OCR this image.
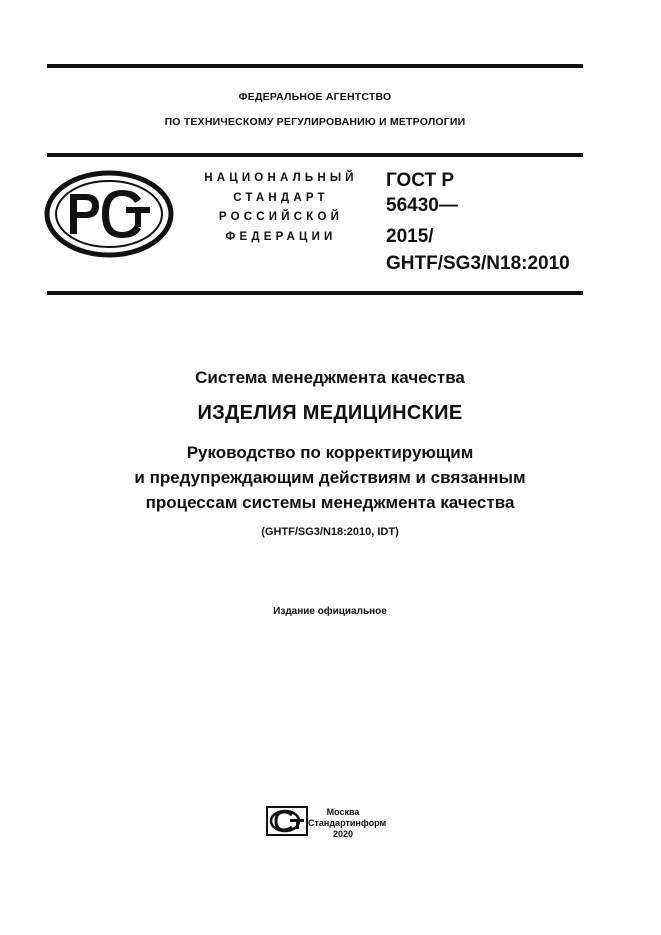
ФЕДЕРАЛЬНОЕ АГЕНТСТВО
ПО ТЕХНИЧЕСКОМУ РЕГУЛИРОВАНИЮ И МЕТРОЛОГИИ
НАЦИОНАЛЬНЫЙ
СТАНДАРТ
РОССИЙСКОЙ
ФЕДЕРАЦИИ
ГОСТ Р
56430—
2015/
GHTF/SG3/N18:2010
Система менеджмента качества
ИЗДЕЛИЯ МЕДИЦИНСКИЕ
Руководство по корректирующим
и предупреждающим действиям и связанным
процессам системы менеджмента качества
(GHTF/SG3/N18:2010, IDT)
Издание официальное
Москва
Стандартинформ
2020
